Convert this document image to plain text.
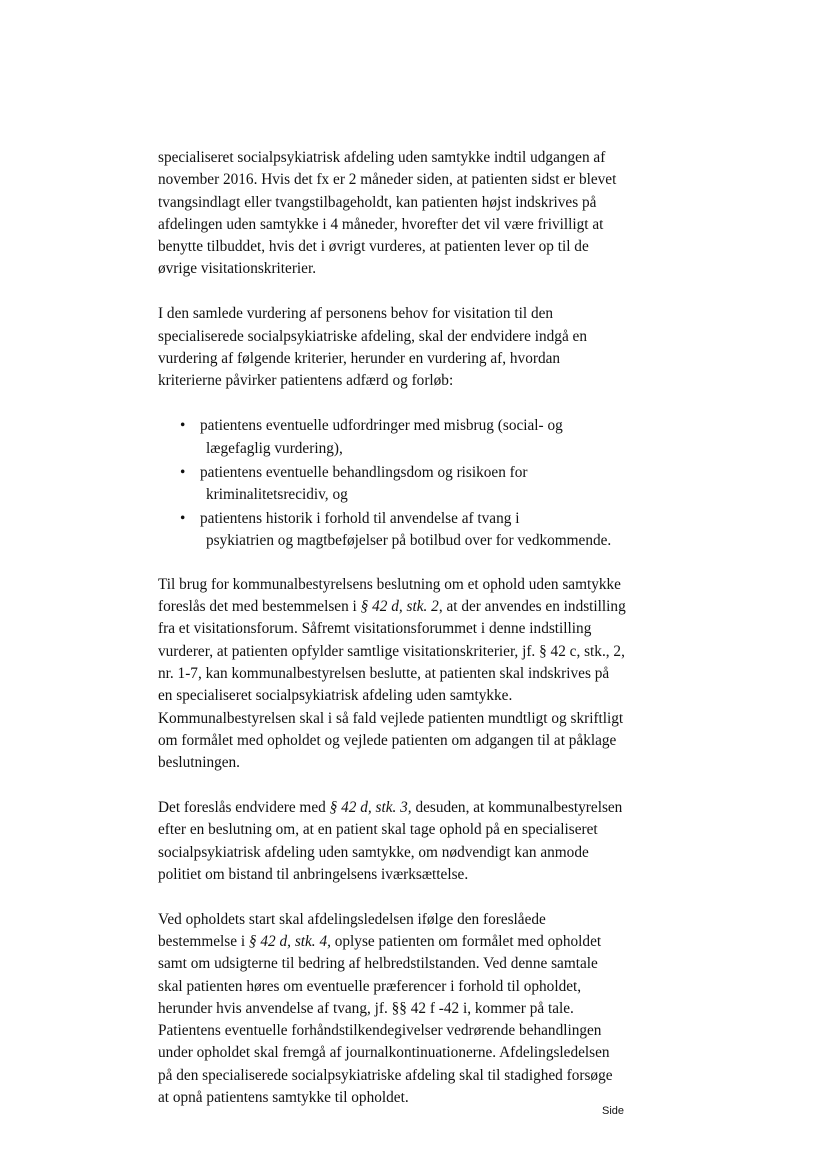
specialiseret socialpsykiatrisk afdeling uden samtykke indtil udgangen af
november 2016. Hvis det fx er 2 måneder siden, at patienten sidst er blevet
tvangsindlagt eller tvangstilbageholdt, kan patienten højst indskrives på
afdelingen uden samtykke i 4 måneder, hvorefter det vil være frivilligt at
benytte tilbuddet, hvis det i øvrigt vurderes, at patienten lever op til de
øvrige visitationskriterier.

I den samlede vurdering af personens behov for visitation til den
specialiserede socialpsykiatriske afdeling, skal der endvidere indgå en
vurdering af følgende kriterier, herunder en vurdering af, hvordan
kriterierne påvirker patientens adfærd og forløb:

• patientens eventuelle udfordringer med misbrug (social- og
lægefaglig vurdering),
• patientens eventuelle behandlingsdom og risikoen for
kriminalitetsrecidiv, og
• patientens historik i forhold til anvendelse af tvang i
psykiatrien og magtbeføjelser på botilbud over for vedkommende.

Til brug for kommunalbestyrelsens beslutning om et ophold uden samtykke
foreslås det med bestemmelsen i § 42 d, stk. 2, at der anvendes en indstilling
fra et visitationsforum. Såfremt visitationsforummet i denne indstilling
vurderer, at patienten opfylder samtlige visitationskriterier, jf. § 42 c, stk., 2,
nr. 1-7, kan kommunalbestyrelsen beslutte, at patienten skal indskrives på
en specialiseret socialpsykiatrisk afdeling uden samtykke.
Kommunalbestyrelsen skal i så fald vejlede patienten mundtligt og skriftligt
om formålet med opholdet og vejlede patienten om adgangen til at påklage
beslutningen.

Det foreslås endvidere med § 42 d, stk. 3, desuden, at kommunalbestyrelsen
efter en beslutning om, at en patient skal tage ophold på en specialiseret
socialpsykiatrisk afdeling uden samtykke, om nødvendigt kan anmode
politiet om bistand til anbringelsens iværksættelse.

Ved opholdets start skal afdelingsledelsen ifølge den foreslåede
bestemmelse i § 42 d, stk. 4, oplyse patienten om formålet med opholdet
samt om udsigterne til bedring af helbredstilstanden. Ved denne samtale
skal patienten høres om eventuelle præferencer i forhold til opholdet,
herunder hvis anvendelse af tvang, jf. §§ 42 f -42 i, kommer på tale.
Patientens eventuelle forhåndstilkendegivelser vedrørende behandlingen
under opholdet skal fremgå af journalkontinuationerne. Afdelingsledelsen
på den specialiserede socialpsykiatriske afdeling skal til stadighed forsøge
at opnå patientens samtykke til opholdet.

Side
